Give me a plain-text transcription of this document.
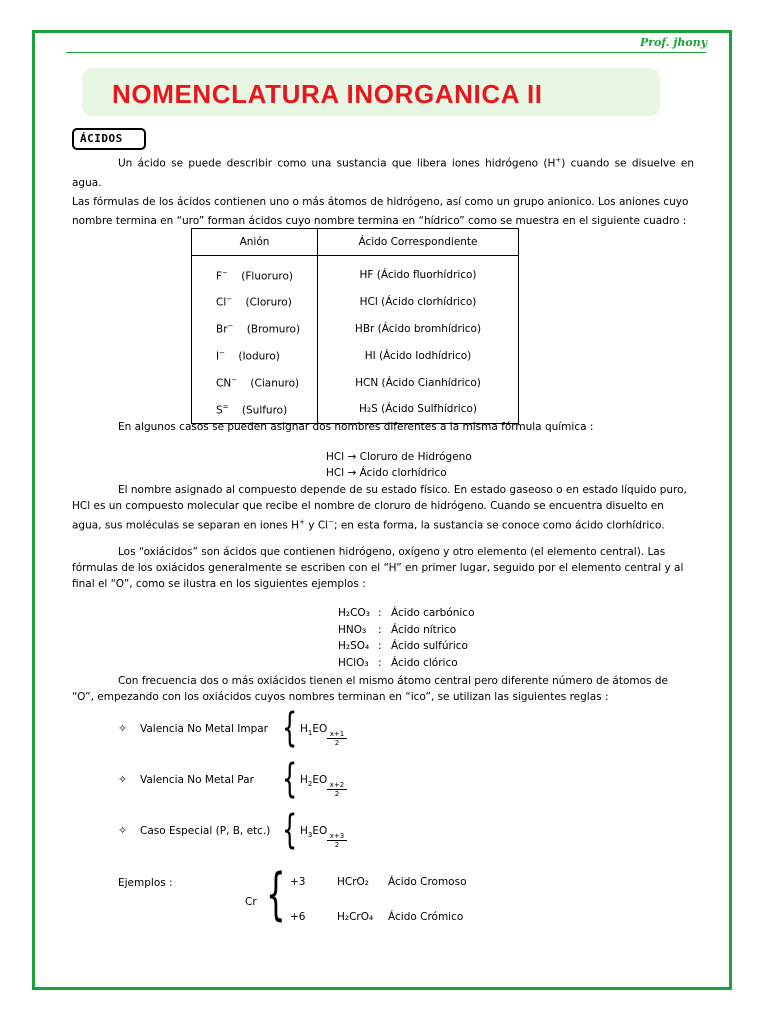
Prof. jhony
NOMENCLATURA INORGANICA II
ÁCIDOS
Un ácido se puede describir como una sustancia que libera iones hidrógeno (H+) cuando se disuelve en agua.
Las fórmulas de los ácidos contienen uno o más átomos de hidrógeno, así como un grupo anionico. Los aniones cuyo
nombre termina en “uro” forman ácidos cuyo nombre termina en “hídrico” como se muestra en el siguiente cuadro :
Anión	Ácido Correspondiente
F− (Fluoruro)	HF (Ácido fluorhídrico)
Cl− (Cloruro)	HCl (Ácido clorhídrico)
Br− (Bromuro)	HBr (Ácido bromhídrico)
I− (Ioduro)	HI (Ácido Iodhídrico)
CN− (Cianuro)	HCN (Ácido Cianhídrico)
S= (Sulfuro)	H₂S (Ácido Sulfhídrico)
En algunos casos se pueden asignar dos nombres diferentes a la misma fórmula química :
HCl → Cloruro de Hidrógeno
HCl → Ácido clorhídrico
El nombre asignado al compuesto depende de su estado físico. En estado gaseoso o en estado líquido puro,
HCl es un compuesto molecular que recibe el nombre de cloruro de hidrógeno. Cuando se encuentra disuelto en
agua, sus moléculas se separan en iones H+ y Cl−; en esta forma, la sustancia se conoce como ácido clorhídrico.
Los “oxiácidos” son ácidos que contienen hidrógeno, oxígeno y otro elemento (el elemento central). Las
fórmulas de los oxiácidos generalmente se escriben con el “H” en primer lugar, seguido por el elemento central y al
final el “O”, como se ilustra en los siguientes ejemplos :
H₂CO₃ : Ácido carbónico
HNO₃ : Ácido nítrico
H₂SO₄ : Ácido sulfúrico
HClO₃ : Ácido clórico
Con frecuencia dos o más oxiácidos tienen el mismo átomo central pero diferente número de átomos de
“O”, empezando con los oxiácidos cuyos nombres terminan en “ico”, se utilizan las siguientes reglas :
✧ Valencia No Metal Impar { $H_1EO$
$\frac{x+1}{2}$
✧ Valencia No Metal Par { $H_2EO$
$\frac{x+2}{2}$
✧ Caso Especial (P, B, etc.) { $H_3EO$
$\frac{x+3}{2}$
Ejemplos :
Cr { +3	HCrO₂ Ácido Cromoso
+6	H₂CrO₄ Ácido Crómico
